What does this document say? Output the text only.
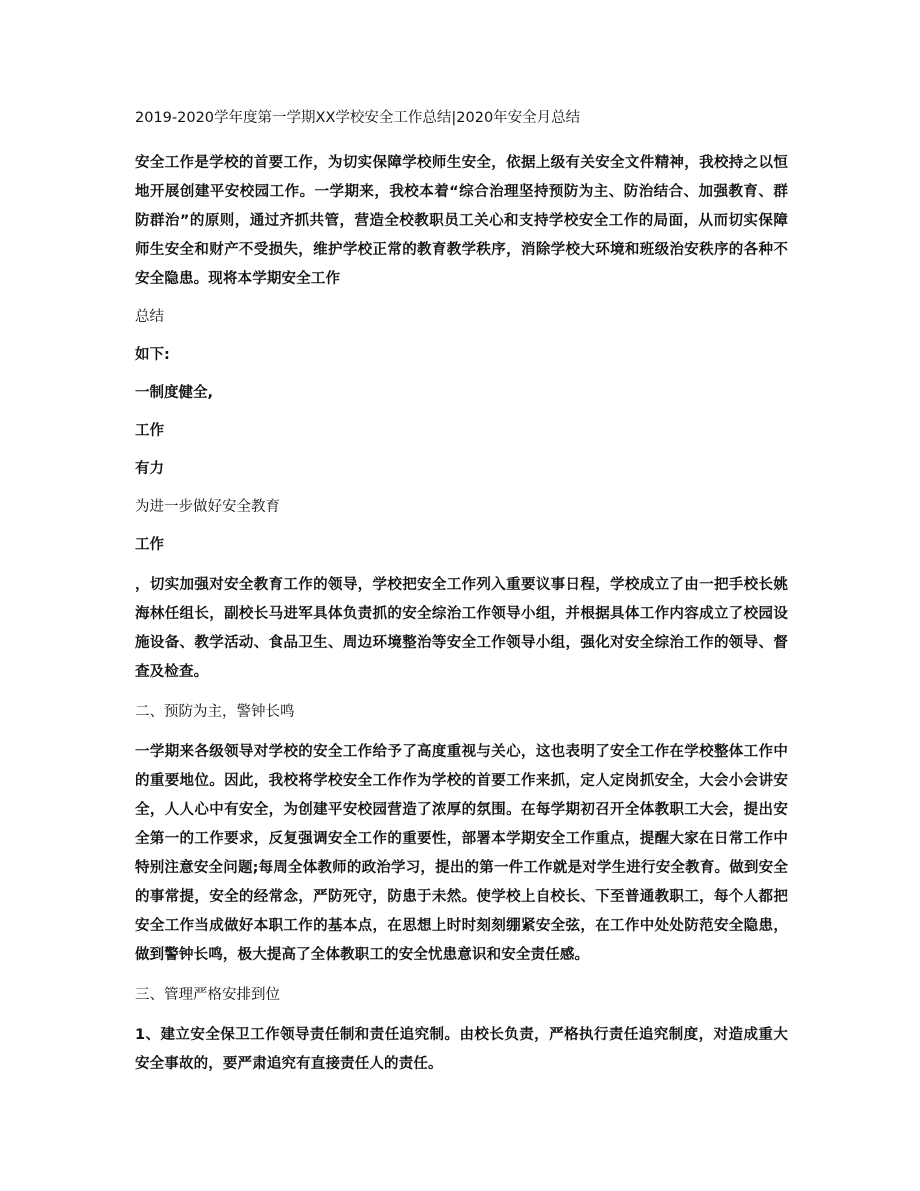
2019-2020学年度第一学期XX学校安全工作总结|2020年安全月总结
安全工作是学校的首要工作，为切实保障学校师生安全，依据上级有关安全文件精神，我校持之以恒地开展创建平安校园工作。一学期来，我校本着“综合治理坚持预防为主、防治结合、加强教育、群防群治”的原则，通过齐抓共管，营造全校教职员工关心和支持学校安全工作的局面，从而切实保障师生安全和财产不受损失，维护学校正常的教育教学秩序，消除学校大环境和班级治安秩序的各种不安全隐患。现将本学期安全工作
总结
如下:
一制度健全,
工作
有力
为进一步做好安全教育
工作
，切实加强对安全教育工作的领导，学校把安全工作列入重要议事日程，学校成立了由一把手校长姚海林任组长，副校长马进军具体负责抓的安全综治工作领导小组，并根据具体工作内容成立了校园设施设备、教学活动、食品卫生、周边环境整治等安全工作领导小组，强化对安全综治工作的领导、督查及检查。
二、预防为主，警钟长鸣
一学期来各级领导对学校的安全工作给予了高度重视与关心，这也表明了安全工作在学校整体工作中的重要地位。因此，我校将学校安全工作作为学校的首要工作来抓，定人定岗抓安全，大会小会讲安全，人人心中有安全，为创建平安校园营造了浓厚的氛围。在每学期初召开全体教职工大会，提出安全第一的工作要求，反复强调安全工作的重要性，部署本学期安全工作重点，提醒大家在日常工作中特别注意安全问题;每周全体教师的政治学习，提出的第一件工作就是对学生进行安全教育。做到安全的事常提，安全的经常念，严防死守，防患于未然。使学校上自校长、下至普通教职工，每个人都把安全工作当成做好本职工作的基本点，在思想上时时刻刻绷紧安全弦，在工作中处处防范安全隐患，做到警钟长鸣，极大提高了全体教职工的安全忧患意识和安全责任感。
三、管理严格安排到位
1、建立安全保卫工作领导责任制和责任追究制。由校长负责，严格执行责任追究制度，对造成重大安全事故的，要严肃追究有直接责任人的责任。
